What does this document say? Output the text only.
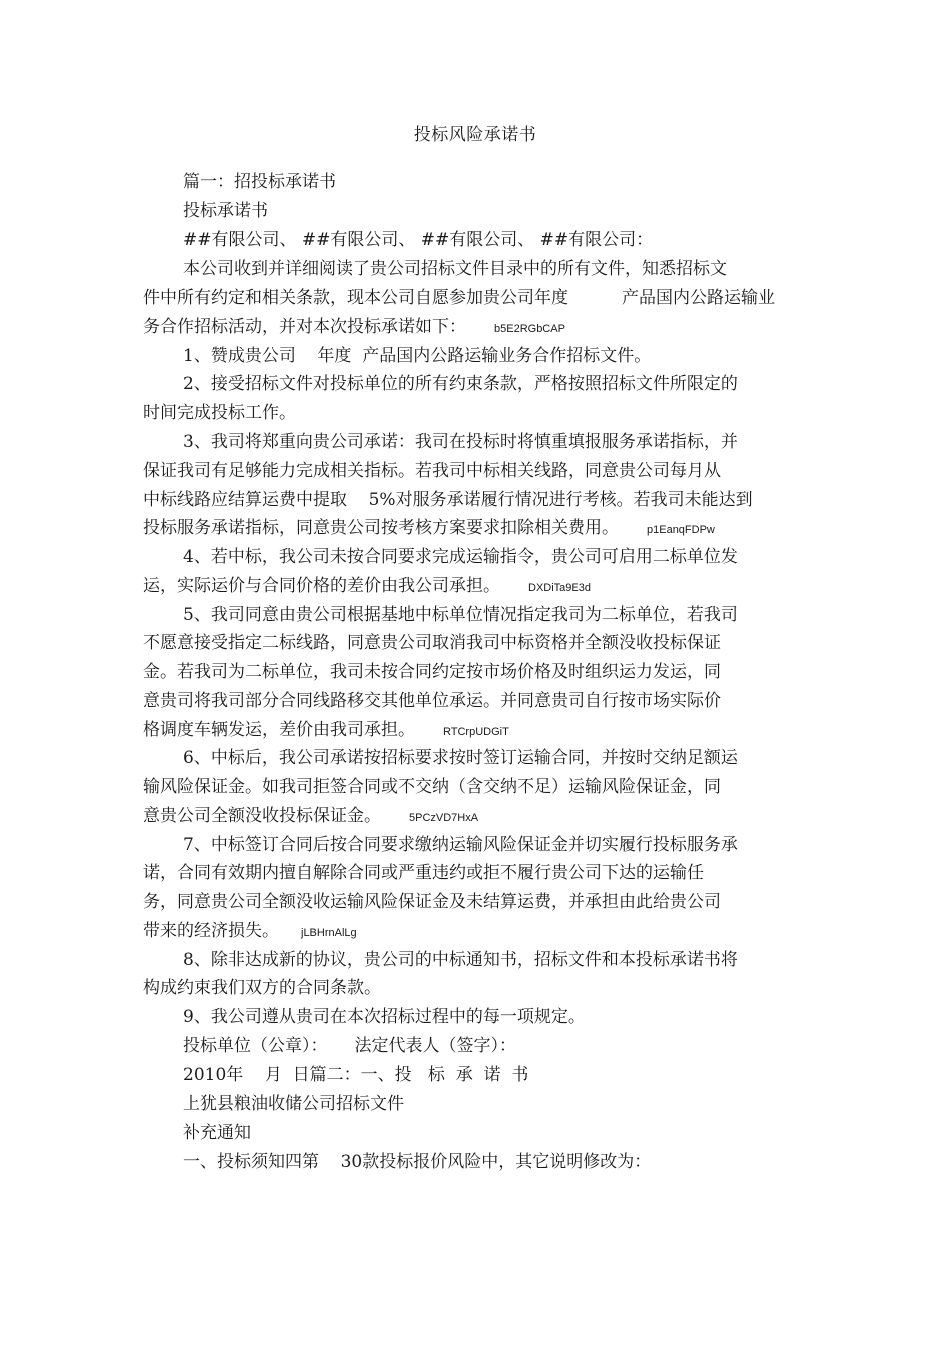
投标风险承诺书
篇一：招投标承诺书
投标承诺书
##有限公司、 ##有限公司、 ##有限公司、 ##有限公司：
本公司收到并详细阅读了贵公司招标文件目录中的所有文件，知悉招标文
件中所有约定和相关条款，现本公司自愿参加贵公司年度          产品国内公路运输业
务合作招标活动，并对本次投标承诺如下：	b5E2RGbCAP
1、赞成贵公司    年度  产品国内公路运输业务合作招标文件。
2、接受招标文件对投标单位的所有约束条款，严格按照招标文件所限定的
时间完成投标工作。
3、我司将郑重向贵公司承诺：我司在投标时将慎重填报服务承诺指标，并
保证我司有足够能力完成相关指标。若我司中标相关线路，同意贵公司每月从
中标线路应结算运费中提取    5%对服务承诺履行情况进行考核。若我司未能达到
投标服务承诺指标，同意贵公司按考核方案要求扣除相关费用。	p1EanqFDPw
4、若中标，我公司未按合同要求完成运输指令，贵公司可启用二标单位发
运，实际运价与合同价格的差价由我公司承担。	DXDiTa9E3d
5、我司同意由贵公司根据基地中标单位情况指定我司为二标单位，若我司
不愿意接受指定二标线路，同意贵公司取消我司中标资格并全额没收投标保证
金。若我司为二标单位，我司未按合同约定按市场价格及时组织运力发运，同
意贵司将我司部分合同线路移交其他单位承运。并同意贵司自行按市场实际价
格调度车辆发运，差价由我司承担。	RTCrpUDGiT
6、中标后，我公司承诺按招标要求按时签订运输合同，并按时交纳足额运
输风险保证金。如我司拒签合同或不交纳（含交纳不足）运输风险保证金，同
意贵公司全额没收投标保证金。	5PCzVD7HxA
7、中标签订合同后按合同要求缴纳运输风险保证金并切实履行投标服务承
诺，合同有效期内擅自解除合同或严重违约或拒不履行贵公司下达的运输任
务，同意贵公司全额没收运输风险保证金及未结算运费，并承担由此给贵公司
带来的经济损失。 jLBHrnAlLg
8、除非达成新的协议，贵公司的中标通知书，招标文件和本投标承诺书将
构成约束我们双方的合同条款。
9、我公司遵从贵司在本次招标过程中的每一项规定。
投标单位（公章）：     法定代表人（签字）：
2010年    月  日篇二：一、投   标  承  诺  书
上犹县粮油收储公司招标文件
补充通知
一、投标须知四第    30款投标报价风险中，其它说明修改为：
